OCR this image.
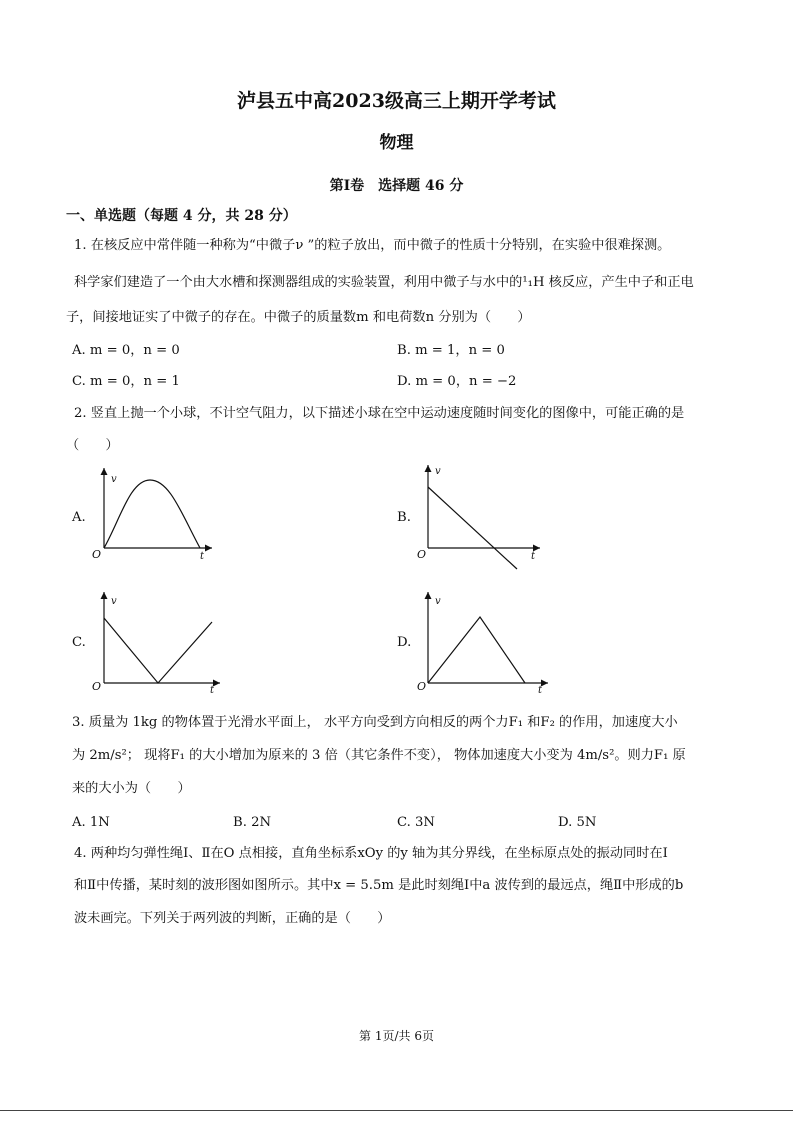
泸县五中高2023级高三上期开学考试
物理
第Ⅰ卷　选择题 46 分
一、单选题（每题 4 分，共 28 分）
1. 在核反应中常伴随一种称为“中微子ν ”的粒子放出，而中微子的性质十分特别，在实验中很难探测。
科学家们建造了一个由大水槽和探测器组成的实验装置，利用中微子与水中的¹₁H 核反应，产生中子和正电
子，间接地证实了中微子的存在。中微子的质量数m 和电荷数n 分别为（　　）
A. m = 0，n = 0	B. m = 1，n = 0
C. m = 0，n = 1	D. m = 0，n = −2
2. 竖直上抛一个小球，不计空气阻力，以下描述小球在空中运动速度随时间变化的图像中，可能正确的是
（　　）
A.
O
v
t
B.
O
v
t
C.
O
v
t
D.
O
v
t
3. 质量为 1kg 的物体置于光滑水平面上， 水平方向受到方向相反的两个力F₁ 和F₂ 的作用，加速度大小
为 2m/s²； 现将F₁ 的大小增加为原来的 3 倍（其它条件不变）， 物体加速度大小变为 4m/s²。则力F₁ 原
来的大小为（　　）
A. 1N	B. 2N	C. 3N	D. 5N
4. 两种均匀弹性绳Ⅰ、Ⅱ在O 点相接，直角坐标系xOy 的y 轴为其分界线，在坐标原点处的振动同时在Ⅰ
和Ⅱ中传播，某时刻的波形图如图所示。其中x = 5.5m 是此时刻绳Ⅰ中a 波传到的最远点，绳Ⅱ中形成的b
波未画完。下列关于两列波的判断，正确的是（　　）
第 1页/共 6页
